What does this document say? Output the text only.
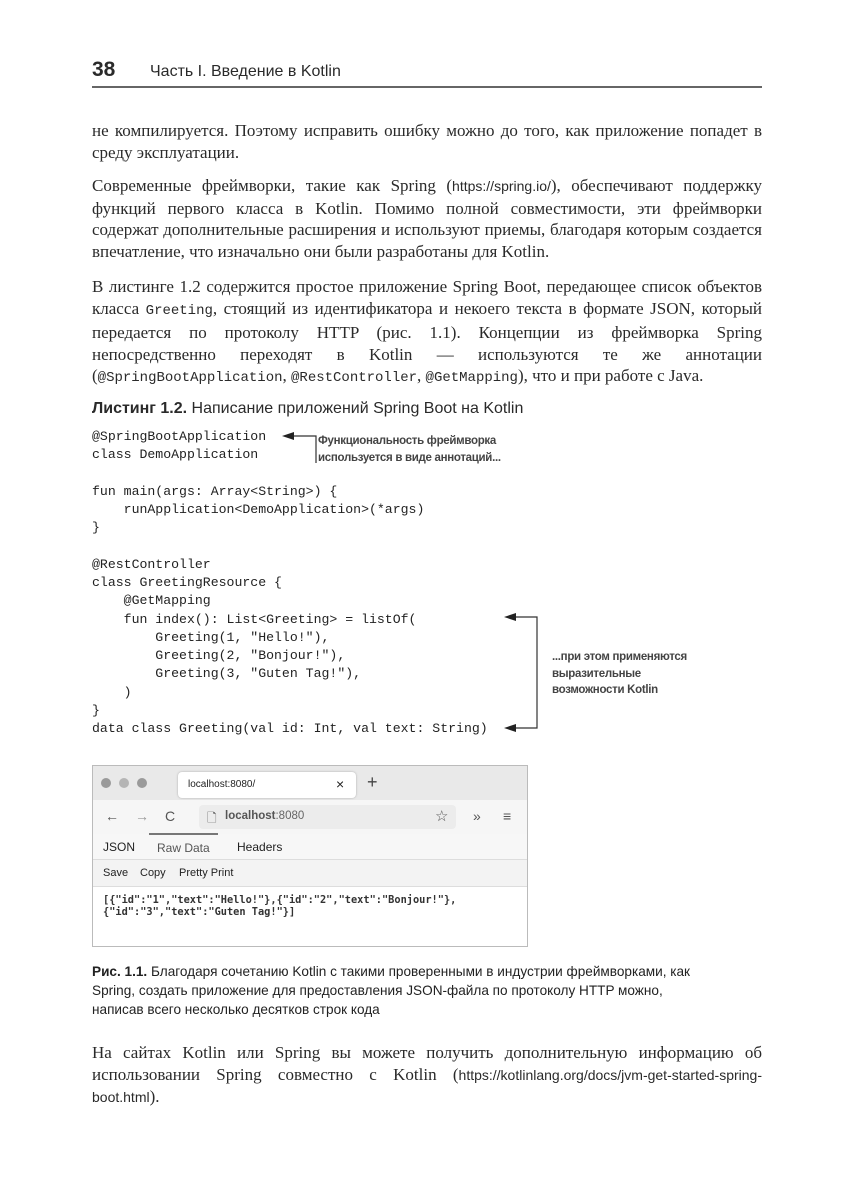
38 Часть I. Введение в Kotlin
не компилируется. Поэтому исправить ошибку можно до того, как приложение попадет в среду эксплуатации.
Современные фреймворки, такие как Spring (https://spring.io/), обеспечивают поддержку функций первого класса в Kotlin. Помимо полной совместимости, эти фреймворки содержат дополнительные расширения и используют приемы, благодаря которым создается впечатление, что изначально они были разработаны для Kotlin.
В листинге 1.2 содержится простое приложение Spring Boot, передающее список объектов класса Greeting, стоящий из идентификатора и некоего текста в формате JSON, который передается по протоколу HTTP (рис. 1.1). Концепции из фреймворка Spring непосредственно переходят в Kotlin — используются те же аннотации (@SpringBootApplication, @RestController, @GetMapping), что и при работе с Java.
Листинг 1.2. Написание приложений Spring Boot на Kotlin
@SpringBootApplication
class DemoApplication

fun main(args: Array<String>) {
runApplication<DemoApplication>(*args)
}

@RestController
class GreetingResource {
@GetMapping
fun index(): List<Greeting> = listOf(
Greeting(1, "Hello!"),
Greeting(2, "Bonjour!"),
Greeting(3, "Guten Tag!"),
)
}
data class Greeting(val id: Int, val text: String)
Функциональность фреймворка
используется в виде аннотаций...
...при этом применяются
выразительные
возможности Kotlin
localhost:8080/	× +
← → C	🗋 localhost:8080	☆ » ≡
JSON	Raw Data	Headers
Save Copy Pretty Print
[{"id":"1","text":"Hello!"},{"id":"2","text":"Bonjour!"},
{"id":"3","text":"Guten Tag!"}]
Рис. 1.1. Благодаря сочетанию Kotlin с такими проверенными в индустрии фреймворками, как Spring, создать приложение для предоставления JSON-файла по протоколу HTTP можно, написав всего несколько десятков строк кода
На сайтах Kotlin или Spring вы можете получить дополнительную информацию об использовании Spring совместно с Kotlin (https://kotlinlang.org/docs/jvm-get-started-spring-boot.html).
